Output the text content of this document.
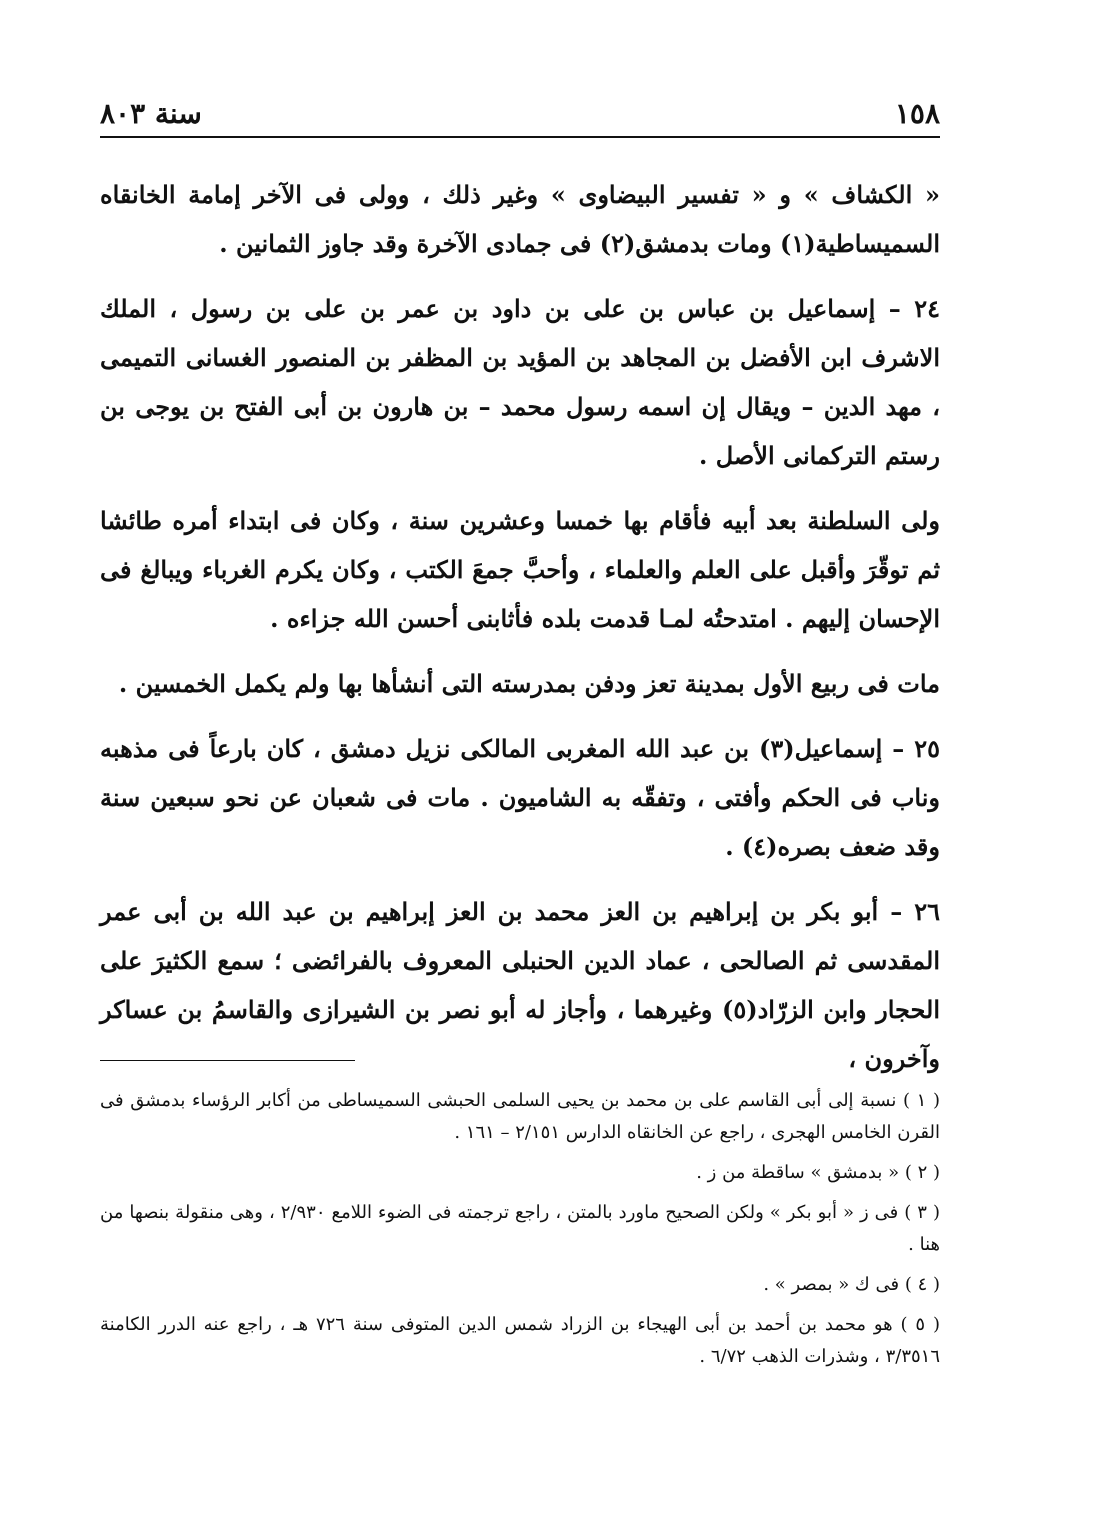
١٥٨
سنة ٨٠٣

« الكشاف » و « تفسير البيضاوى » وغير ذلك ، وولى فى الآخر إمامة الخانقاه السميساطية(١) ومات بدمشق(٢) فى جمادى الآخرة وقد جاوز الثمانين .

٢٤ – إسماعيل بن عباس بن على بن داود بن عمر بن على بن رسول ، الملك الاشرف ابن الأفضل بن المجاهد بن المؤيد بن المظفر بن المنصور الغسانى التميمى ، مهد الدين – ويقال إن اسمه رسول محمد – بن هارون بن أبى الفتح بن يوجى بن رستم التركمانى الأصل .

ولى السلطنة بعد أبيه فأقام بها خمسا وعشرين سنة ، وكان فى ابتداء أمره طائشا ثم توقّرَ وأقبل على العلم والعلماء ، وأحبَّ جمعَ الكتب ، وكان يكرم الغرباء ويبالغ فى الإحسان إليهم . امتدحتُه لمـا قدمت بلده فأثابنى أحسن الله جزاءه .

مات فى ربيع الأول بمدينة تعز ودفن بمدرسته التى أنشأها بها ولم يكمل الخمسين .

٢٥ – إسماعيل(٣) بن عبد الله المغربى المالكى نزيل دمشق ، كان بارعاً فى مذهبه وناب فى الحكم وأفتى ، وتفقّه به الشاميون . مات فى شعبان عن نحو سبعين سنة وقد ضعف بصره(٤) .

٢٦ – أبو بكر بن إبراهيم بن العز محمد بن العز إبراهيم بن عبد الله بن أبى عمر المقدسى ثم الصالحى ، عماد الدين الحنبلى المعروف بالفرائضى ؛ سمع الكثيرَ على الحجار وابن الزرّاد(٥) وغيرهما ، وأجاز له أبو نصر بن الشيرازى والقاسمُ بن عساكر وآخرون ،

( ١ ) نسبة إلى أبى القاسم على بن محمد بن يحيى السلمى الحبشى السميساطى من أكابر الرؤساء بدمشق فى القرن الخامس الهجرى ، راجع عن الخانقاه الدارس ٢/١٥١ – ١٦١ .

( ٢ ) « بدمشق » ساقطة من ز .

( ٣ ) فى ز « أبو بكر » ولكن الصحيح ماورد بالمتن ، راجع ترجمته فى الضوء اللامع ٢/٩٣٠ ، وهى منقولة بنصها من هنا .

( ٤ ) فى ك « بمصر » .

( ٥ ) هو محمد بن أحمد بن أبى الهيجاء بن الزراد شمس الدين المتوفى سنة ٧٢٦ هـ ، راجع عنه الدرر الكامنة ٣/٣٥١٦ ، وشذرات الذهب ٦/٧٢ .
